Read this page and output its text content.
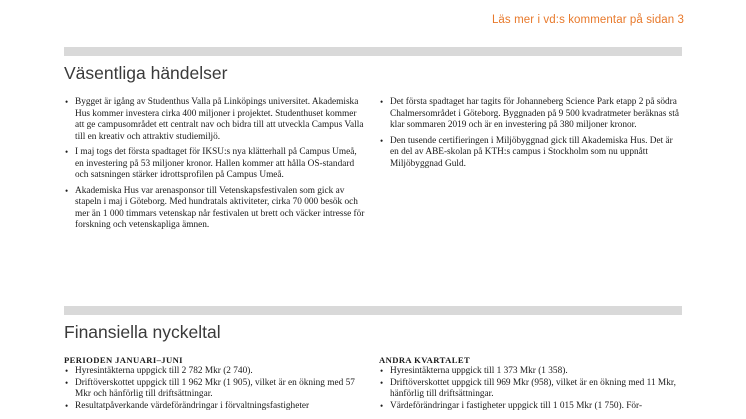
Läs mer i vd:s kommentar på sidan 3
Väsentliga händelser
• Bygget är igång av Studenthus Valla på Linköpings universitet. Akademiska Hus kommer investera cirka 400 miljoner i projektet. Studenthuset kommer att ge campusområdet ett centralt nav och bidra till att utveckla Campus Valla till en kreativ och attraktiv studiemiljö.
• I maj togs det första spadtaget för IKSU:s nya klätterhall på Campus Umeå, en investering på 53 miljoner kronor. Hallen kommer att hålla OS-standard och satsningen stärker idrottsprofilen på Campus Umeå.
• Akademiska Hus var arenasponsor till Vetenskapsfestivalen som gick av stapeln i maj i Göteborg. Med hundratals aktiviteter, cirka 70 000 besök och mer än 1 000 timmars vetenskap når festivalen ut brett och väcker intresse för forskning och vetenskapliga ämnen.
• Det första spadtaget har tagits för Johanneberg Science Park etapp 2 på södra Chalmersområdet i Göteborg. Byggnaden på 9 500 kvadratmeter beräknas stå klar sommaren 2019 och är en investering på 380 miljoner kronor.
• Den tusende certifieringen i Miljöbyggnad gick till Akademiska Hus. Det är en del av ABE-skolan på KTH:s campus i Stockholm som nu uppnått Miljöbyggnad Guld.
Finansiella nyckeltal
PERIODEN JANUARI–JUNI
• Hyresintäkterna uppgick till 2 782 Mkr (2 740).
• Driftöverskottet uppgick till 1 962 Mkr (1 905), vilket är en ökning med 57 Mkr och hänförlig till driftsättningar.
• Resultatpåverkande värdeförändringar i förvaltningsfastigheter
ANDRA KVARTALET
• Hyresintäkterna uppgick till 1 373 Mkr (1 358).
• Driftöverskottet uppgick till 969 Mkr (958), vilket är en ökning med 11 Mkr, hänförlig till driftsättningar.
• Värdeförändringar i fastigheter uppgick till 1 015 Mkr (1 750). För-
